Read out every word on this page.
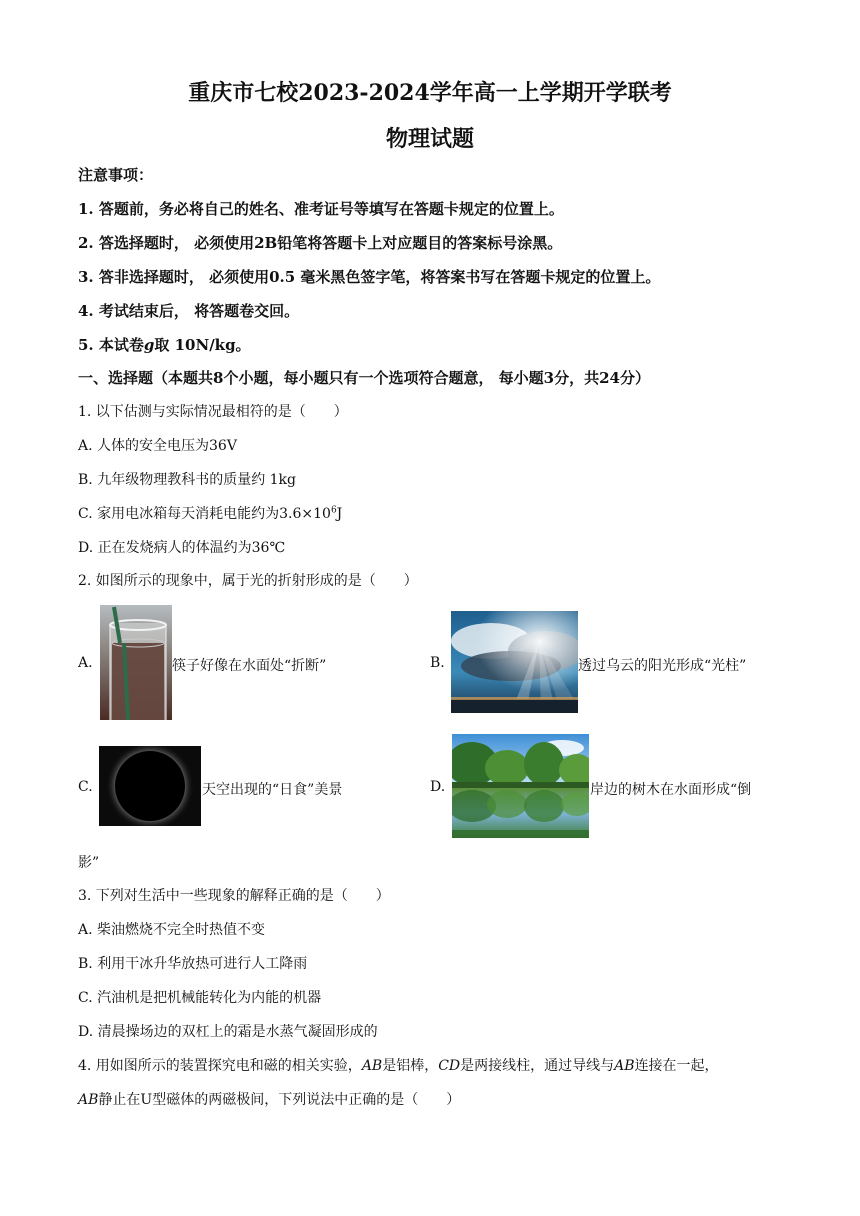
重庆市七校2023-2024学年高一上学期开学联考
物理试题
注意事项：
1. 答题前，务必将自己的姓名、准考证号等填写在答题卡规定的位置上。
2. 答选择题时， 必须使用2B铅笔将答题卡上对应题目的答案标号涂黑。
3. 答非选择题时， 必须使用0.5 毫米黑色签字笔，将答案书写在答题卡规定的位置上。
4. 考试结束后， 将答题卷交回。
5. 本试卷g取 10N/kg。
一、选择题（本题共8个小题，每小题只有一个选项符合题意， 每小题3分，共24分）
1. 以下估测与实际情况最相符的是（　　）
A. 人体的安全电压为36V
B. 九年级物理教科书的质量约 1kg
C. 家用电冰箱每天消耗电能约为$3.6\times 10^6J$
D. 正在发烧病人的体温约为36℃
2. 如图所示的现象中，属于光的折射形成的是（　　）
A.	筷子好像在水面处“折断”	B.	透过乌云的阳光形成“光柱”
C.	天空出现的“日食”美景	D.	岸边的树木在水面形成“倒
影”
3. 下列对生活中一些现象的解释正确的是（　　）
A. 柴油燃烧不完全时热值不变
B. 利用干冰升华放热可进行人工降雨
C. 汽油机是把机械能转化为内能的机器
D. 清晨操场边的双杠上的霜是水蒸气凝固形成的
4. 用如图所示的装置探究电和磁的相关实验，AB是铝棒，CD是两接线柱，通过导线与AB连接在一起，
AB静止在U型磁体的两磁极间，下列说法中正确的是（　　）
